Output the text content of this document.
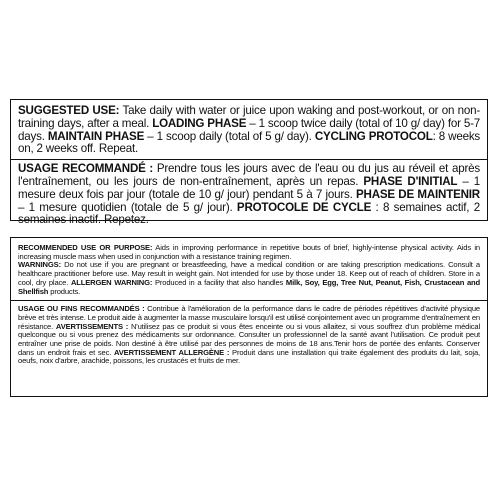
SUGGESTED USE: Take daily with water or juice upon waking and post-workout, or on non-training days, after a meal. LOADING PHASE – 1 scoop twice daily (total of 10 g/ day) for 5-7 days. MAINTAIN PHASE – 1 scoop daily (total of 5 g/ day). CYCLING PROTOCOL: 8 weeks on, 2 weeks off. Repeat.

USAGE RECOMMANDÉ : Prendre tous les jours avec de l'eau ou du jus au réveil et après l'entraînement, ou les jours de non-entraînement, après un repas. PHASE D'INITIAL – 1 mesure deux fois par jour (totale de 10 g/ jour) pendant 5 à 7 jours. PHASE DE MAINTENIR – 1 mesure quotidien (totale de 5 g/ jour). PROTOCOLE DE CYCLE : 8 semaines actif, 2 semaines inactif. Repetez.

RECOMMENDED USE OR PURPOSE: Aids in improving performance in repetitive bouts of brief, highly-intense physical activity. Aids in increasing muscle mass when used in conjunction with a resistance training regimen.

WARNINGS: Do not use if you are pregnant or breastfeeding, have a medical condition or are taking prescription medications. Consult a healthcare practitioner before use. May result in weight gain. Not intended for use by those under 18. Keep out of reach of children. Store in a cool, dry place. ALLERGEN WARNING: Produced in a facility that also handles Milk, Soy, Egg, Tree Nut, Peanut, Fish, Crustacean and Shellfish products.

USAGE OU FINS RECOMMANDÉS : Contribue à l'amélioration de la performance dans le cadre de périodes répétitives d'activité physique brève et très intense. Le produit aide à augmenter la masse musculaire lorsqu'il est utilisé conjointement avec un programme d'entraînement en résistance. AVERTISSEMENTS : N'utilisez pas ce produit si vous êtes enceinte ou si vous allaitez, si vous souffrez d'un problème médical quelconque ou si vous prenez des médicaments sur ordonnance. Consulter un professionnel de la santé avant l'utilisation. Ce produit peut entraîner une prise de poids. Non destiné à être utilisé par des personnes de moins de 18 ans.Tenir hors de portée des enfants. Conserver dans un endroit frais et sec. AVERTISSEMENT ALLERGÈNE : Produit dans une installation qui traite également des produits du lait, soja, oeufs, noix d'arbre, arachide, poissons, les crustacés et fruits de mer.
